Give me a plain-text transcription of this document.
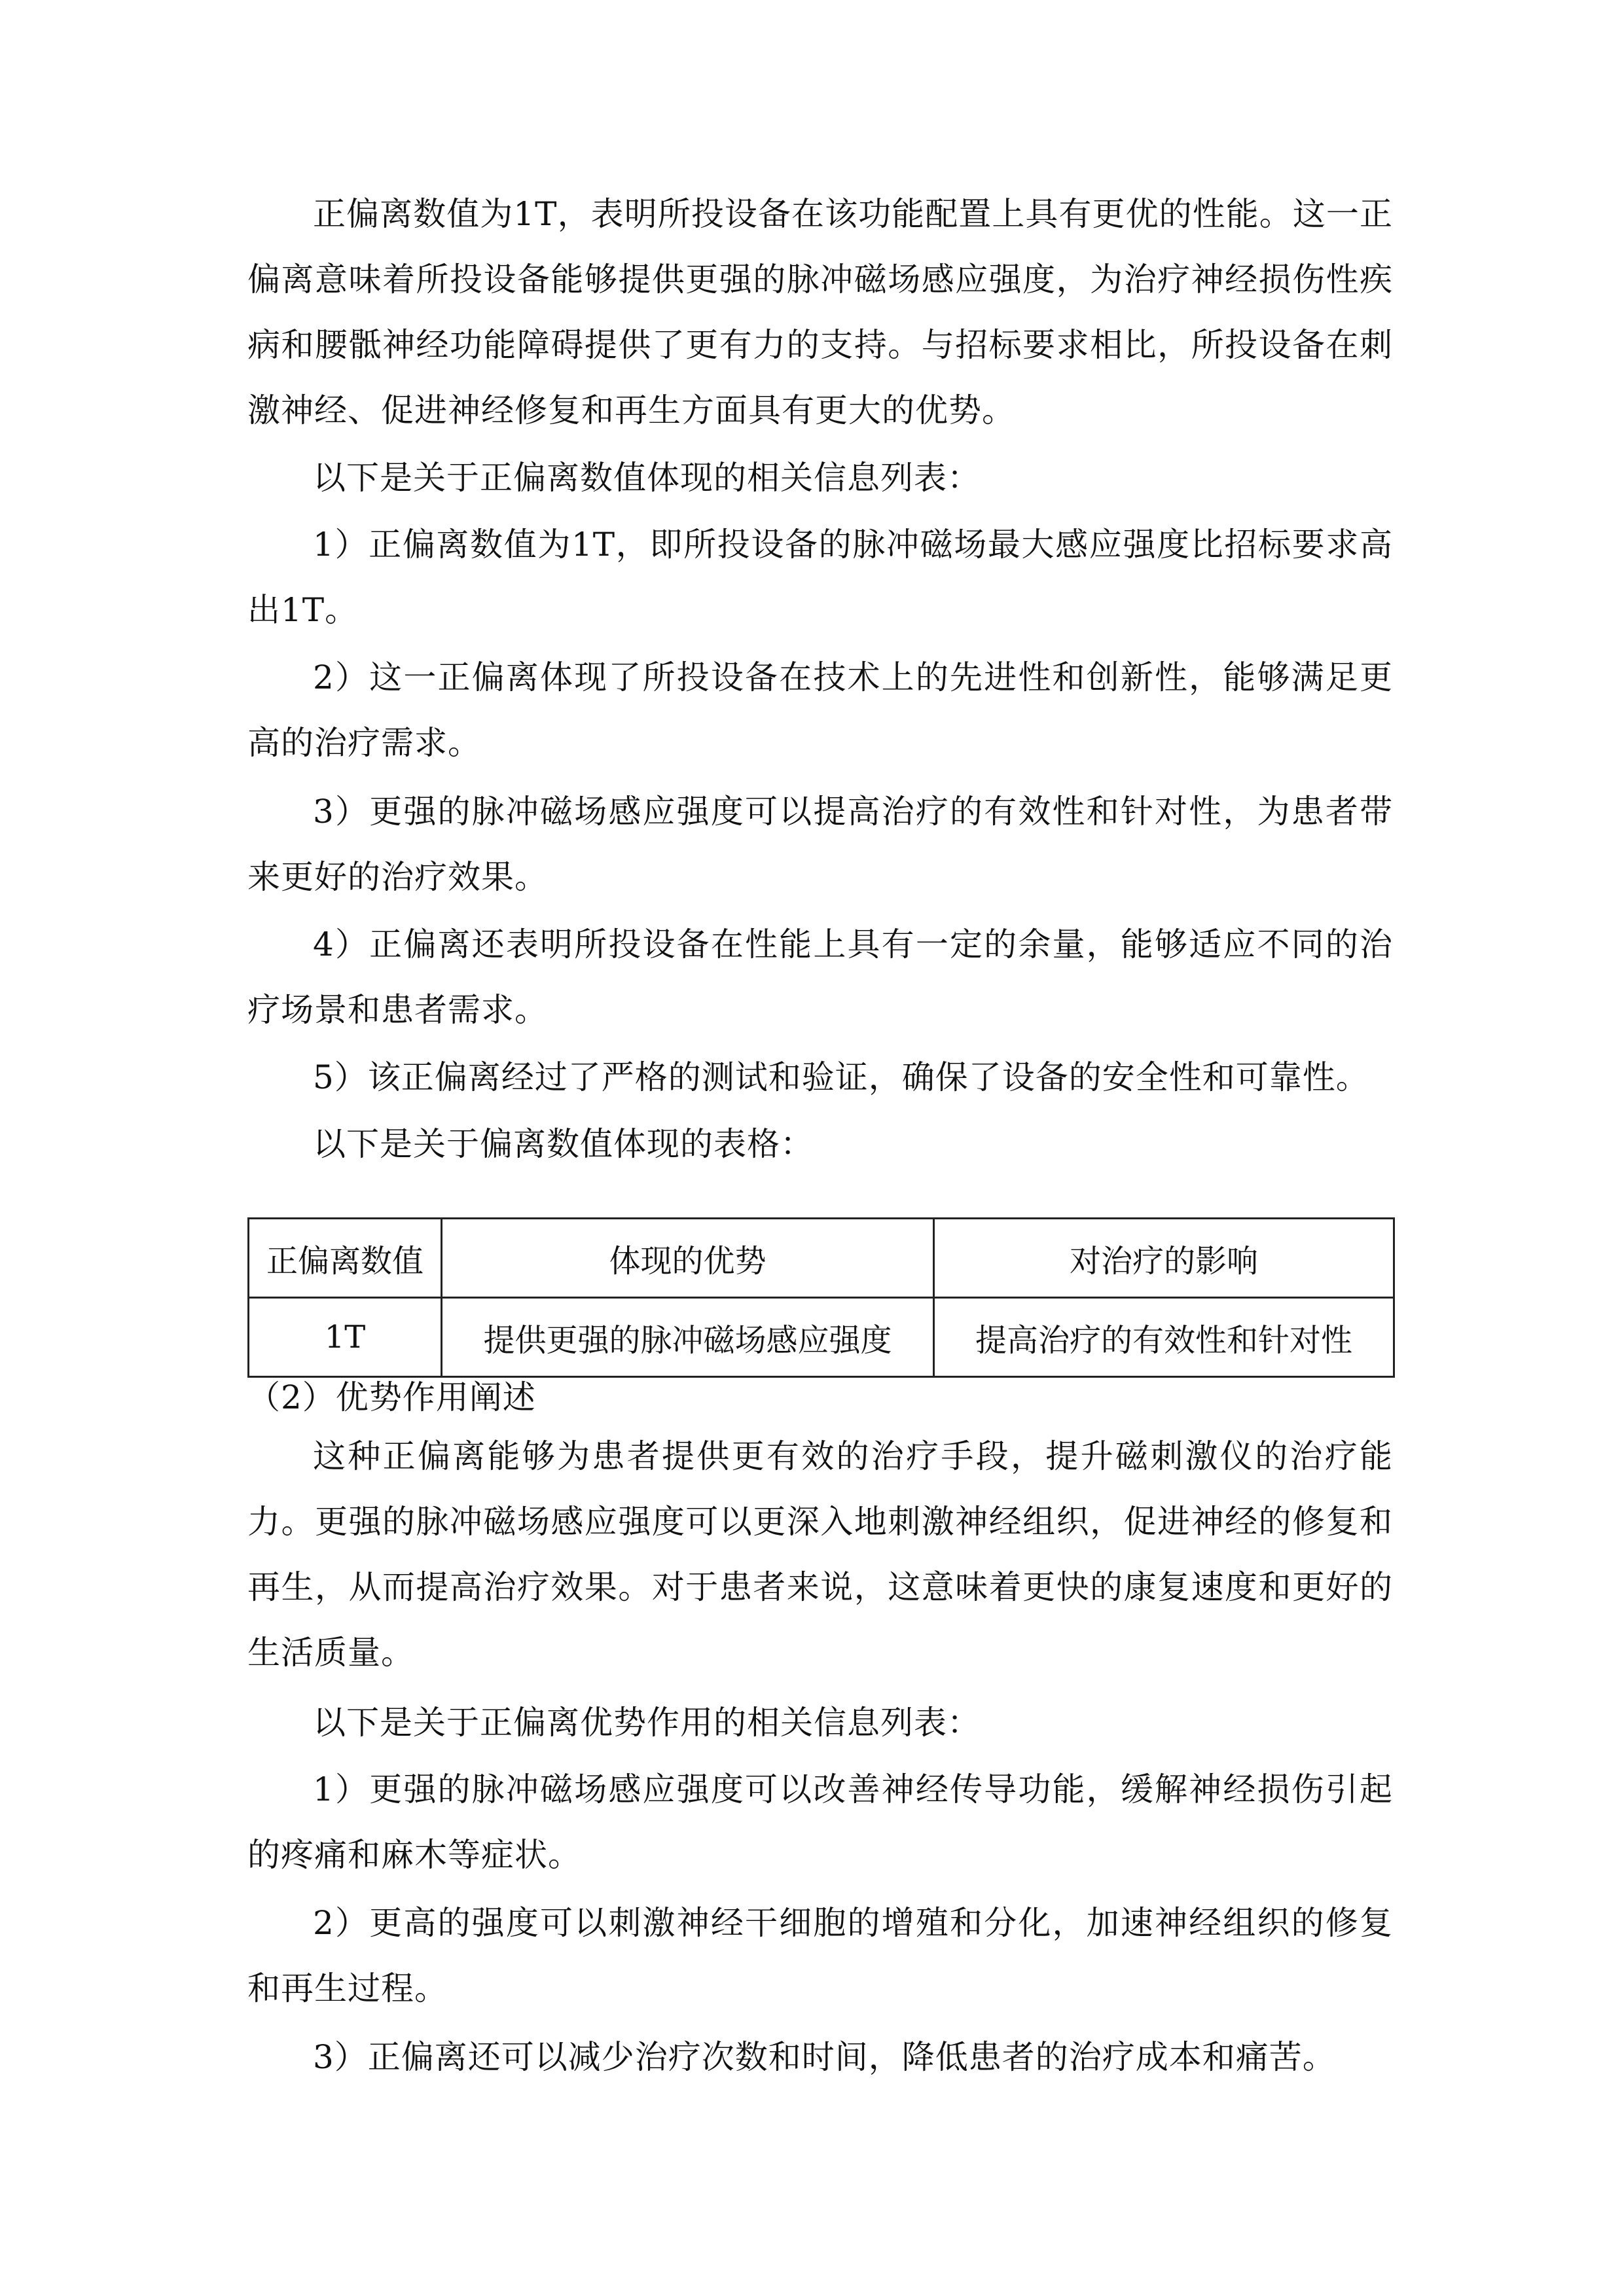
正偏离数值为1T，表明所投设备在该功能配置上具有更优的性能。这一正偏离意味着所投设备能够提供更强的脉冲磁场感应强度，为治疗神经损伤性疾病和腰骶神经功能障碍提供了更有力的支持。与招标要求相比，所投设备在刺激神经、促进神经修复和再生方面具有更大的优势。

以下是关于正偏离数值体现的相关信息列表：

1）正偏离数值为1T，即所投设备的脉冲磁场最大感应强度比招标要求高出1T。

2）这一正偏离体现了所投设备在技术上的先进性和创新性，能够满足更高的治疗需求。

3）更强的脉冲磁场感应强度可以提高治疗的有效性和针对性，为患者带来更好的治疗效果。

4）正偏离还表明所投设备在性能上具有一定的余量，能够适应不同的治疗场景和患者需求。

5）该正偏离经过了严格的测试和验证，确保了设备的安全性和可靠性。

以下是关于偏离数值体现的表格：

正偏离数值	体现的优势	对治疗的影响
1T	提供更强的脉冲磁场感应强度	提高治疗的有效性和针对性

（2）优势作用阐述

这种正偏离能够为患者提供更有效的治疗手段，提升磁刺激仪的治疗能力。更强的脉冲磁场感应强度可以更深入地刺激神经组织，促进神经的修复和再生，从而提高治疗效果。对于患者来说，这意味着更快的康复速度和更好的生活质量。

以下是关于正偏离优势作用的相关信息列表：

1）更强的脉冲磁场感应强度可以改善神经传导功能，缓解神经损伤引起的疼痛和麻木等症状。

2）更高的强度可以刺激神经干细胞的增殖和分化，加速神经组织的修复和再生过程。

3）正偏离还可以减少治疗次数和时间，降低患者的治疗成本和痛苦。
